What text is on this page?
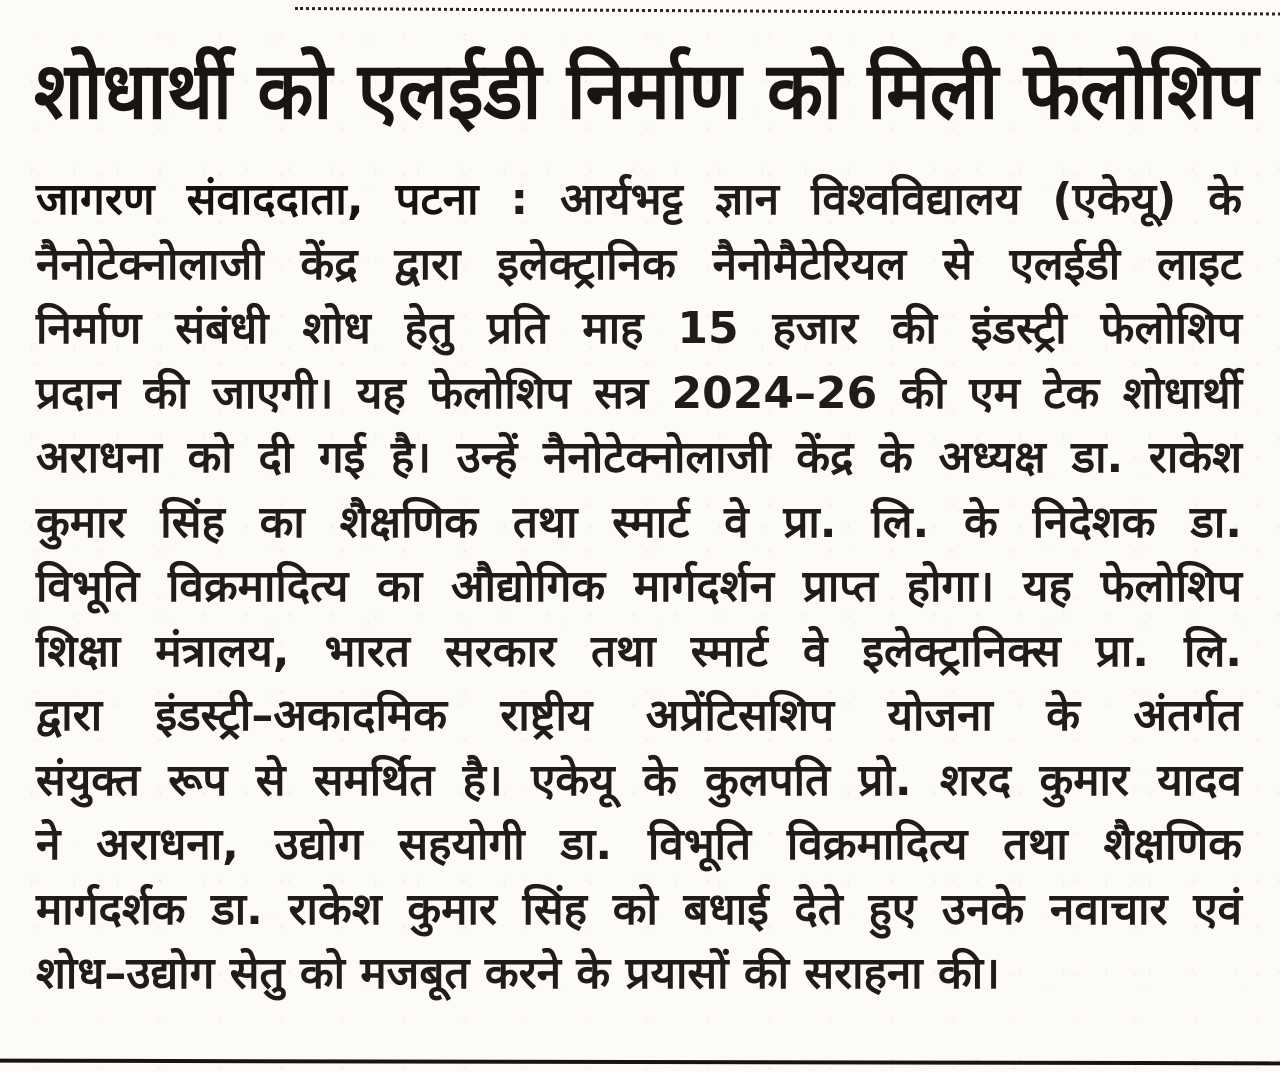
शोधार्थी को एलईडी निर्माण को मिली फेलोशिप
जागरण संवाददाता, पटना : आर्यभट्ट ज्ञान विश्वविद्यालय (एकेयू) के
नैनोटेक्नोलाजी केंद्र द्वारा इलेक्ट्रानिक नैनोमैटेरियल से एलईडी लाइट
निर्माण संबंधी शोध हेतु प्रति माह 15 हजार की इंडस्ट्री फेलोशिप
प्रदान की जाएगी। यह फेलोशिप सत्र 2024–26 की एम टेक शोधार्थी
अराधना को दी गई है। उन्हें नैनोटेक्नोलाजी केंद्र के अध्यक्ष डा. राकेश
कुमार सिंह का शैक्षणिक तथा स्मार्ट वे प्रा. लि. के निदेशक डा.
विभूति विक्रमादित्य का औद्योगिक मार्गदर्शन प्राप्त होगा। यह फेलोशिप
शिक्षा मंत्रालय, भारत सरकार तथा स्मार्ट वे इलेक्ट्रानिक्स प्रा. लि.
द्वारा इंडस्ट्री–अकादमिक राष्ट्रीय अप्रेंटिसशिप योजना के अंतर्गत
संयुक्त रूप से समर्थित है। एकेयू के कुलपति प्रो. शरद कुमार यादव
ने अराधना, उद्योग सहयोगी डा. विभूति विक्रमादित्य तथा शैक्षणिक
मार्गदर्शक डा. राकेश कुमार सिंह को बधाई देते हुए उनके नवाचार एवं
शोध–उद्योग सेतु को मजबूत करने के प्रयासों की सराहना की।
